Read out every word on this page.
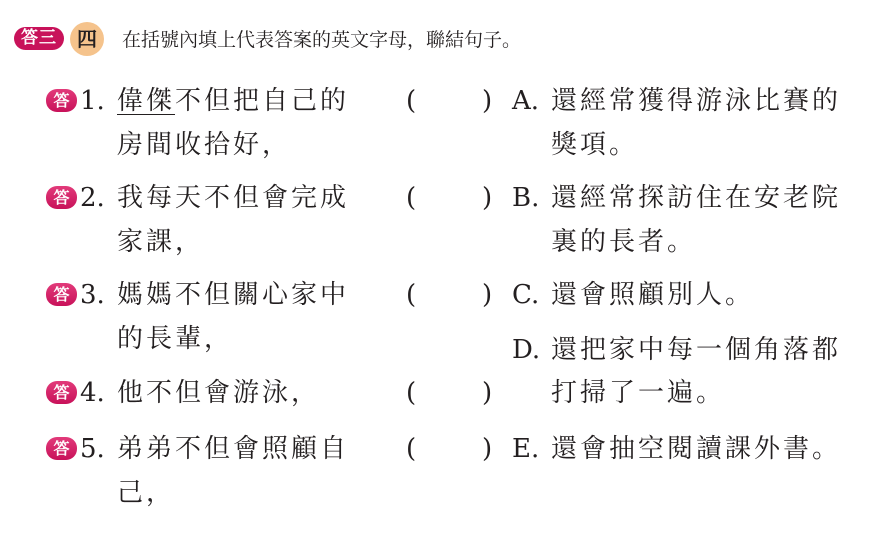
答三	四	在括號內填上代表答案的英文字母，聯結句子。
答 1. 偉傑不但把自己的
房間收拾好，
(	)
答 2. 我每天不但會完成
家課，
(	)
答 3. 媽媽不但關心家中
的長輩，
(	)
答 4. 他不但會游泳，	(	)
答 5. 弟弟不但會照顧自
己，
(	)
A. 還經常獲得游泳比賽的
獎項。
B. 還經常探訪住在安老院
裏的長者。
C. 還會照顧別人。
D. 還把家中每一個角落都
打掃了一遍。
E. 還會抽空閱讀課外書。
